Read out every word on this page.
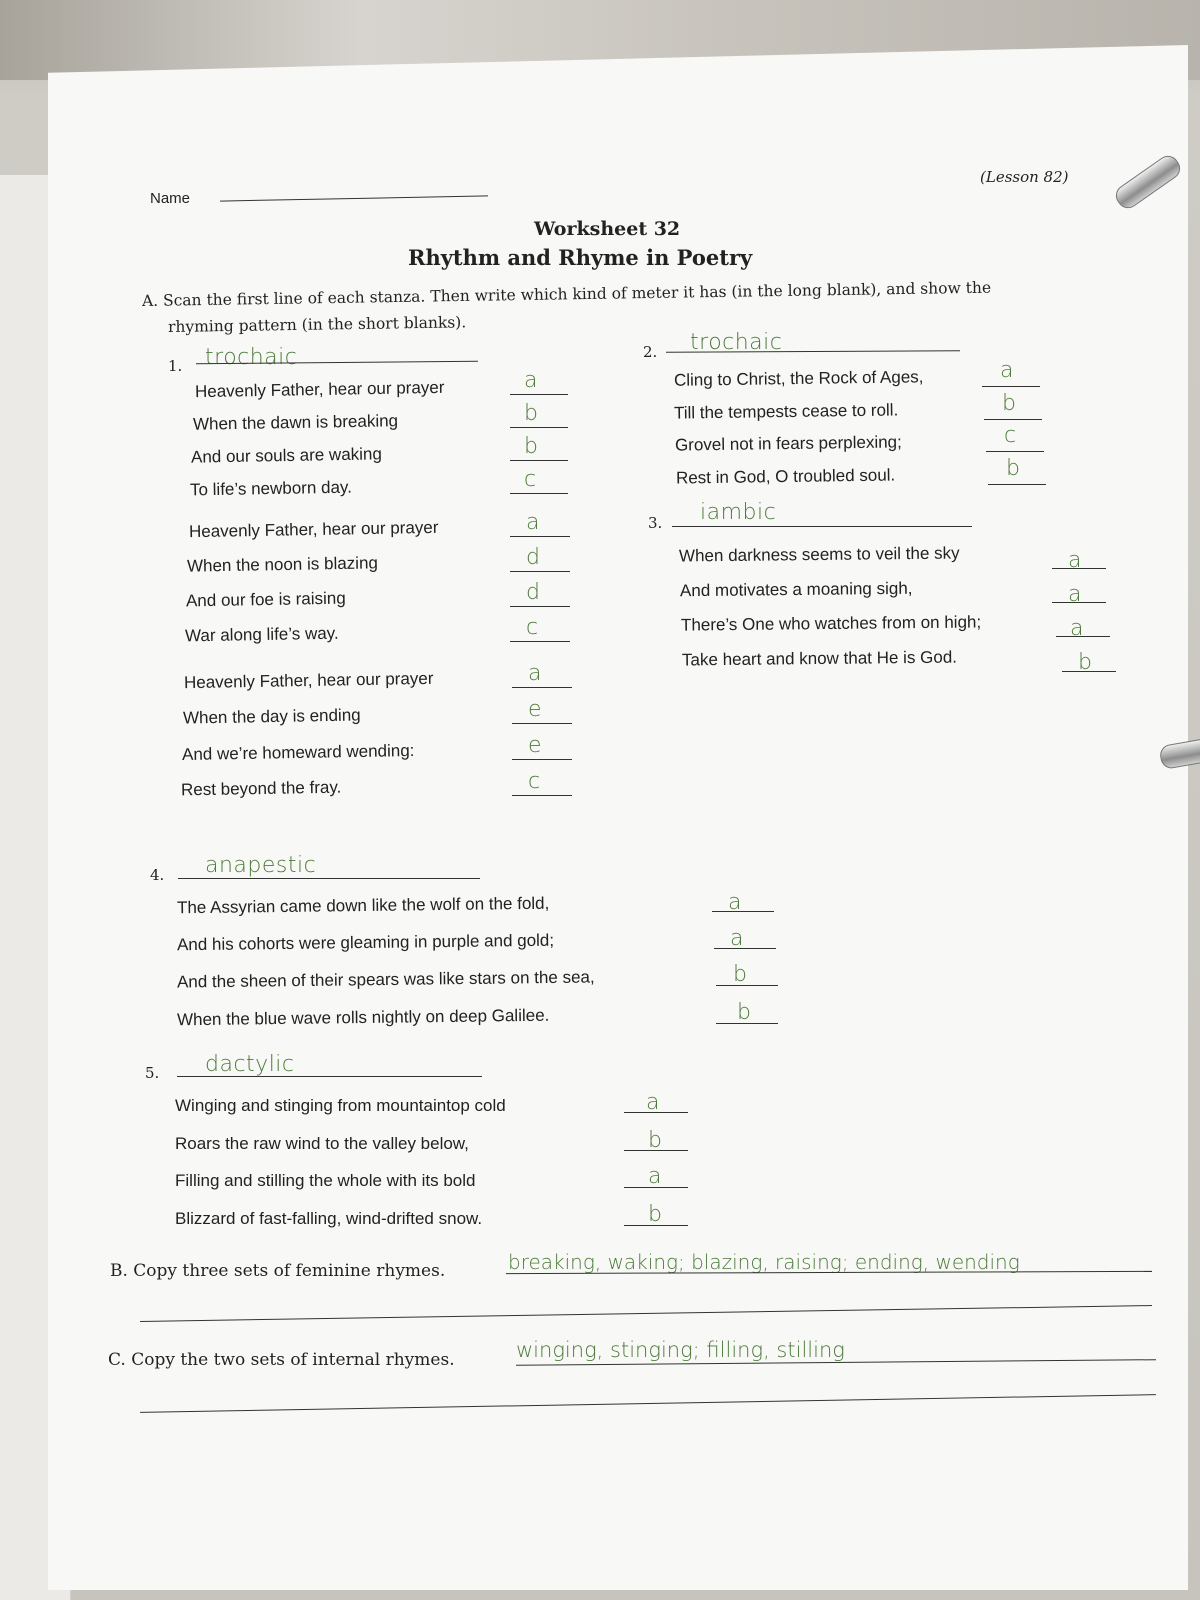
(Lesson 82)
Name
Worksheet 32
Rhythm and Rhyme in Poetry
A. Scan the first line of each stanza. Then write which kind of meter it has (in the long blank), and show the
rhyming pattern (in the short blanks).
1. trochaic
Heavenly Father, hear our prayer
When the dawn is breaking
And our souls are waking
To life’s newborn day.
a
b
b
c
Heavenly Father, hear our prayer
When the noon is blazing
And our foe is raising
War along life’s way.
a
d
d
c
Heavenly Father, hear our prayer
When the day is ending
And we’re homeward wending:
Rest beyond the fray.
a
e
e
c
2. trochaic
Cling to Christ, the Rock of Ages,
Till the tempests cease to roll.
Grovel not in fears perplexing;
Rest in God, O troubled soul.
a
b
c
b
3. iambic
When darkness seems to veil the sky
And motivates a moaning sigh,
There’s One who watches from on high;
Take heart and know that He is God.
a
a
a
b
4. anapestic
The Assyrian came down like the wolf on the fold,
And his cohorts were gleaming in purple and gold;
And the sheen of their spears was like stars on the sea,
When the blue wave rolls nightly on deep Galilee.
a
a
b
b
5. dactylic
Winging and stinging from mountaintop cold
Roars the raw wind to the valley below,
Filling and stilling the whole with its bold
Blizzard of fast-falling, wind-drifted snow.
a
b
a
b
B. Copy three sets of feminine rhymes.	breaking, waking; blazing, raising; ending, wending
C. Copy the two sets of internal rhymes.	winging, stinging; filling, stilling
